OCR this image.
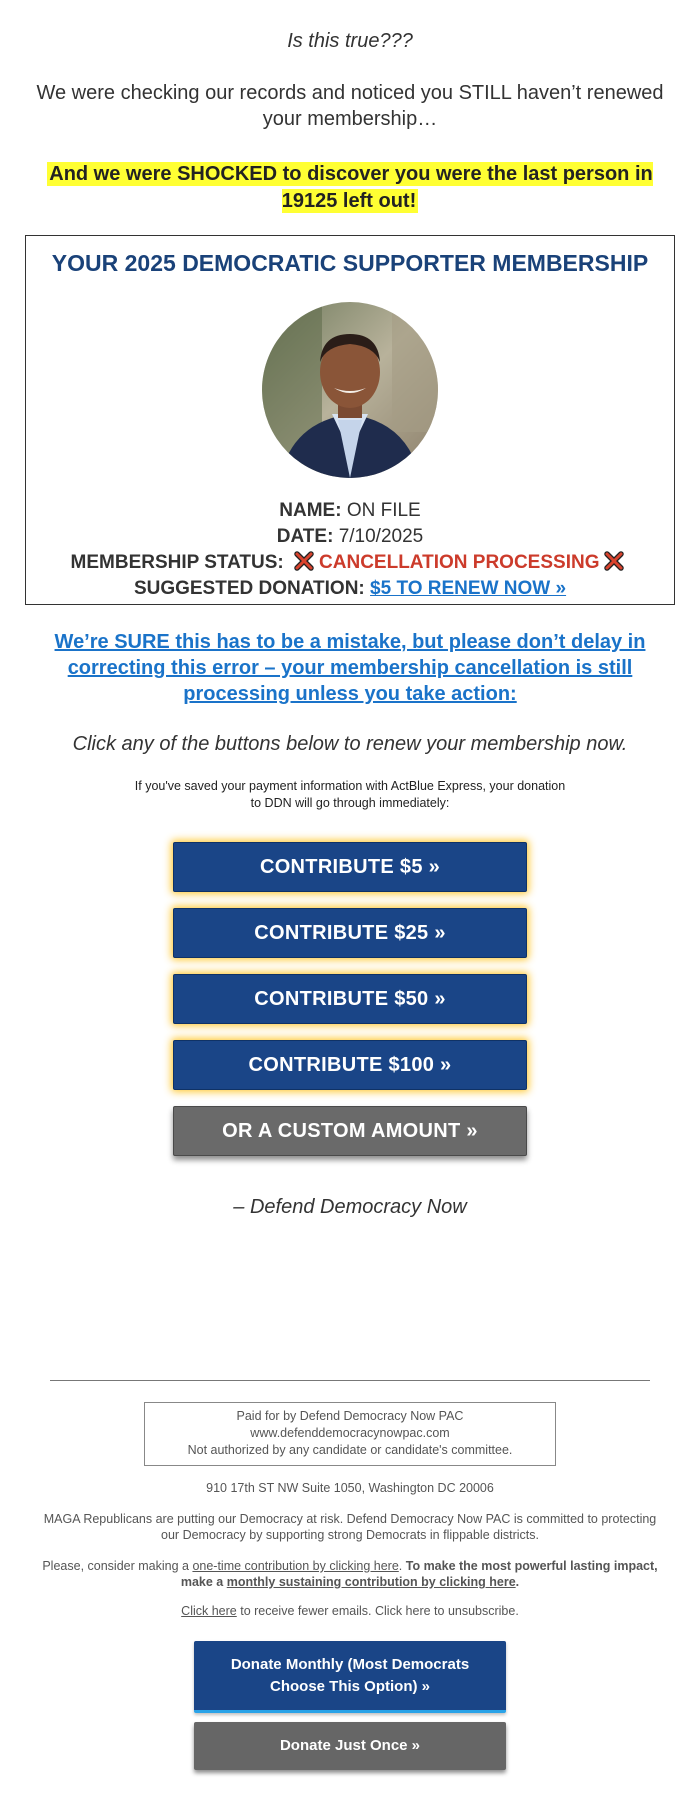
Is this true???

We were checking our records and noticed you STILL haven’t renewed your membership…

And we were SHOCKED to discover you were the last person in 19125 left out!

YOUR 2025 DEMOCRATIC SUPPORTER MEMBERSHIP
NAME: ON FILE
DATE: 7/10/2025
MEMBERSHIP STATUS: CANCELLATION PROCESSING
SUGGESTED DONATION: $5 TO RENEW NOW »
We’re SURE this has to be a mistake, but please don’t delay in correcting this error – your membership cancellation is still processing unless you take action:

Click any of the buttons below to renew your membership now.

If you've saved your payment information with ActBlue Express, your donation to DDN will go through immediately:

CONTRIBUTE $5 »
CONTRIBUTE $25 »
CONTRIBUTE $50 »
CONTRIBUTE $100 »
OR A CUSTOM AMOUNT »

– Defend Democracy Now

Paid for by Defend Democracy Now PAC
www.defenddemocracynowpac.com
Not authorized by any candidate or candidate's committee.
910 17th ST NW Suite 1050, Washington DC 20006
MAGA Republicans are putting our Democracy at risk. Defend Democracy Now PAC is committed to protecting our Democracy by supporting strong Democrats in flippable districts.
Please, consider making a one-time contribution by clicking here. To make the most powerful lasting impact, make a monthly sustaining contribution by clicking here.
Click here to receive fewer emails. Click here to unsubscribe.
Donate Monthly (Most Democrats Choose This Option) »
Donate Just Once »
